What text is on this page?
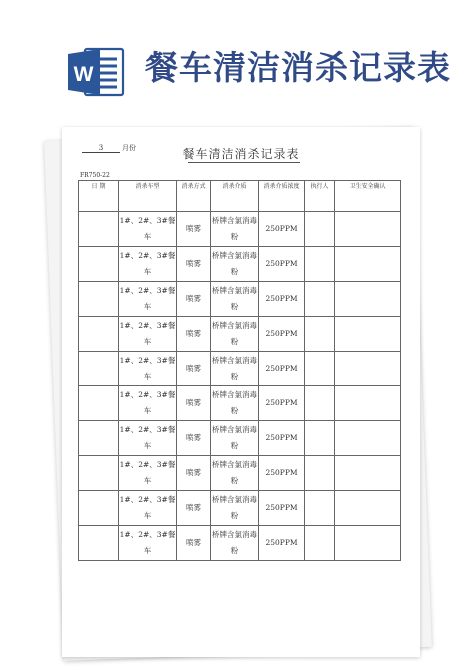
W 餐车清洁消杀记录表
3	月份	餐车清洁消杀记录表
FR750-22
日 期	消杀车型	消杀方式	消杀介质	消杀介质浓度	执行人	卫生安全确认
	1#、2#、3#餐车	喷雾	桥牌含氯消毒粉	250PPM		
	1#、2#、3#餐车	喷雾	桥牌含氯消毒粉	250PPM		
	1#、2#、3#餐车	喷雾	桥牌含氯消毒粉	250PPM		
	1#、2#、3#餐车	喷雾	桥牌含氯消毒粉	250PPM		
	1#、2#、3#餐车	喷雾	桥牌含氯消毒粉	250PPM		
	1#、2#、3#餐车	喷雾	桥牌含氯消毒粉	250PPM		
	1#、2#、3#餐车	喷雾	桥牌含氯消毒粉	250PPM		
	1#、2#、3#餐车	喷雾	桥牌含氯消毒粉	250PPM		
	1#、2#、3#餐车	喷雾	桥牌含氯消毒粉	250PPM		
	1#、2#、3#餐车	喷雾	桥牌含氯消毒粉	250PPM		
